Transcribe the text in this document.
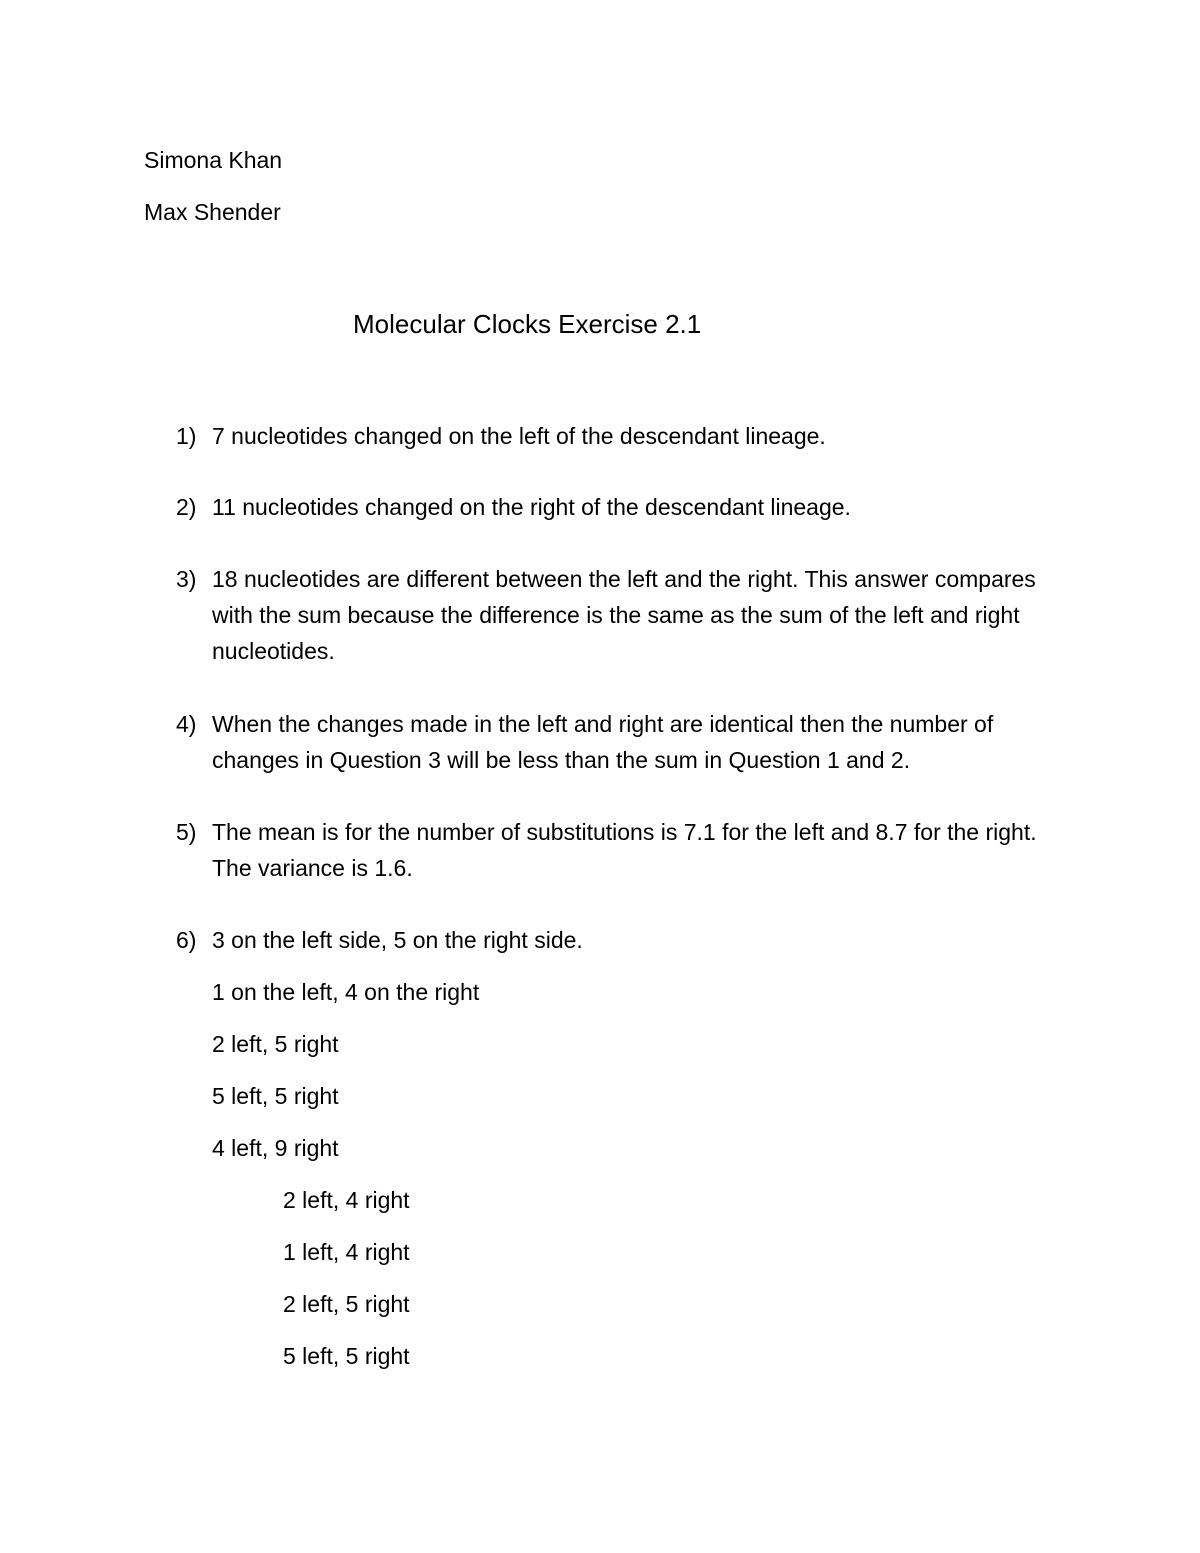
Simona Khan
Max Shender
Molecular Clocks Exercise 2.1
1) 7 nucleotides changed on the left of the descendant lineage.
2) 11 nucleotides changed on the right of the descendant lineage.
3) 18 nucleotides are different between the left and the right. This answer compares with the sum because the difference is the same as the sum of the left and right nucleotides.
4) When the changes made in the left and right are identical then the number of changes in Question 3 will be less than the sum in Question 1 and 2.
5) The mean is for the number of substitutions is 7.1 for the left and 8.7 for the right. The variance is 1.6.
6) 3 on the left side, 5 on the right side.
1 on the left, 4 on the right
2 left, 5 right
5 left, 5 right
4 left, 9 right
2 left, 4 right
1 left, 4 right
2 left, 5 right
5 left, 5 right
